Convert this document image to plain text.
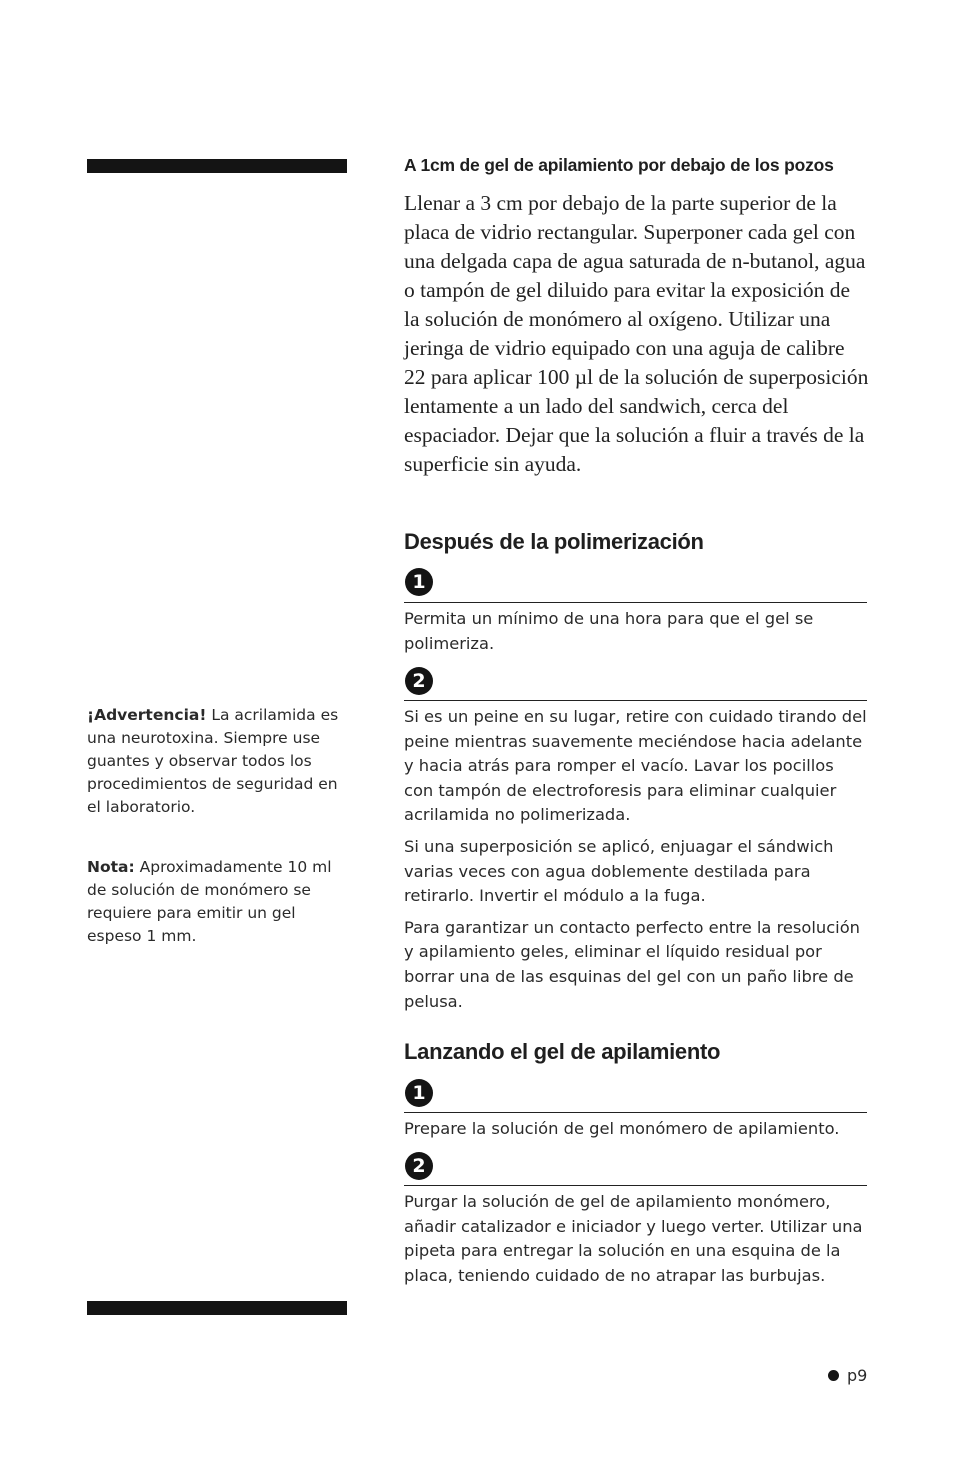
¡Advertencia! La acrilamida es una neurotoxina. Siempre use guantes y observar todos los procedimientos de seguridad en el laboratorio.
Nota: Aproximadamente 10 ml de solución de monómero se requiere para emitir un gel espeso 1 mm.
A 1cm de gel de apilamiento por debajo de los pozos
Llenar a 3 cm por debajo de la parte superior de la placa de vidrio rectangular. Superponer cada gel con una delgada capa de agua saturada de n-butanol, agua o tampón de gel diluido para evitar la exposición de la solución de monómero al oxígeno. Utilizar una jeringa de vidrio equipado con una aguja de calibre 22 para aplicar 100 µl de la solución de superposición lentamente a un lado del sandwich, cerca del espaciador. Dejar que la solución a fluir a través de la superficie sin ayuda.
Después de la polimerización
1

Permita un mínimo de una hora para que el gel se polimeriza.

2

Si es un peine en su lugar, retire con cuidado tirando del peine mientras suavemente meciéndose hacia adelante y hacia atrás para romper el vacío. Lavar los pocillos con tampón de electroforesis para eliminar cualquier acrilamida no polimerizada.

Si una superposición se aplicó, enjuagar el sándwich varias veces con agua doblemente destilada para retirarlo. Invertir el módulo a la fuga.

Para garantizar un contacto perfecto entre la resolución y apilamiento geles, eliminar el líquido residual por borrar una de las esquinas del gel con un paño libre de pelusa.

Lanzando el gel de apilamiento
1

Prepare la solución de gel monómero de apilamiento.

2

Purgar la solución de gel de apilamiento monómero, añadir catalizador e iniciador y luego verter. Utilizar una pipeta para entregar la solución en una esquina de la placa, teniendo cuidado de no atrapar las burbujas.

p9
